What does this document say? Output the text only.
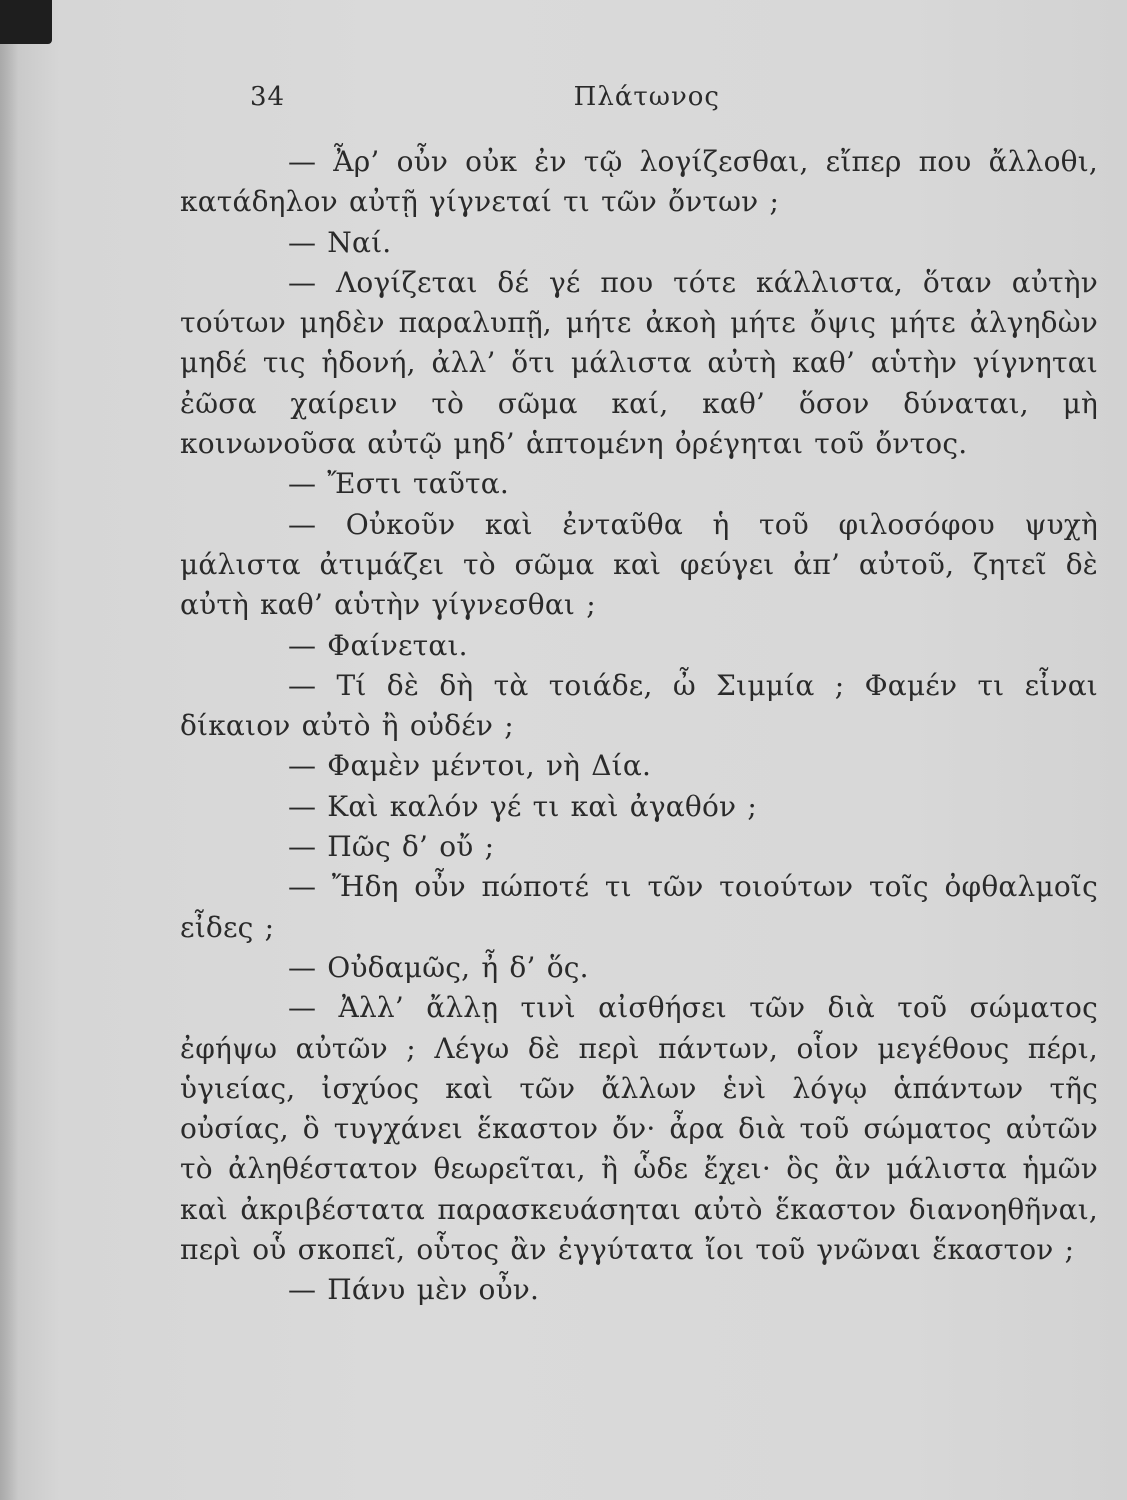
34	Πλάτωνος

— Ἆρ’ οὖν οὐκ ἐν τῷ λογίζεσθαι, εἴπερ που ἄλλοθι, κατάδηλον αὐτῇ γίγνεταί τι τῶν ὄντων ;

— Ναί.

— Λογίζεται δέ γέ που τότε κάλλιστα, ὅταν αὐτὴν τούτων μηδὲν παραλυπῇ, μήτε ἀκοὴ μήτε ὄψις μήτε ἀλγηδὼν μηδέ τις ἡδονή, ἀλλ’ ὅτι μάλιστα αὐτὴ καθ’ αὑτὴν γίγνηται ἐῶσα χαίρειν τὸ σῶμα καί, καθ’ ὅσον δύναται, μὴ κοινωνοῦσα αὐτῷ μηδ’ ἁπτομένη ὀρέγηται τοῦ ὄντος.

— Ἔστι ταῦτα.

— Οὐκοῦν καὶ ἐνταῦθα ἡ τοῦ φιλοσόφου ψυχὴ μάλιστα ἀτιμάζει τὸ σῶμα καὶ φεύγει ἀπ’ αὐτοῦ, ζητεῖ δὲ αὐτὴ καθ’ αὑτὴν γίγνεσθαι ;

— Φαίνεται.

— Τί δὲ δὴ τὰ τοιάδε, ὦ Σιμμία ; Φαμέν τι εἶναι δίκαιον αὐτὸ ἢ οὐδέν ;

— Φαμὲν μέντοι, νὴ Δία.

— Καὶ καλόν γέ τι καὶ ἀγαθόν ;

— Πῶς δ’ οὔ ;

— Ἤδη οὖν πώποτέ τι τῶν τοιούτων τοῖς ὀφθαλμοῖς εἶδες ;

— Οὐδαμῶς, ἦ δ’ ὅς.

— Ἀλλ’ ἄλλῃ τινὶ αἰσθήσει τῶν διὰ τοῦ σώματος ἐφήψω αὐτῶν ; Λέγω δὲ περὶ πάντων, οἷον μεγέθους πέρι, ὑγιείας, ἰσχύος καὶ τῶν ἄλλων ἑνὶ λόγῳ ἁπάντων τῆς οὐσίας, ὃ τυγχάνει ἕκαστον ὄν· ἆρα διὰ τοῦ σώματος αὐτῶν τὸ ἀληθέστατον θεωρεῖται, ἢ ὧδε ἔχει· ὃς ἂν μάλιστα ἡμῶν καὶ ἀκριβέστατα παρασκευάσηται αὐτὸ ἕκαστον διανοηθῆναι, περὶ οὗ σκοπεῖ, οὗτος ἂν ἐγγύτατα ἴοι τοῦ γνῶναι ἕκαστον ;

— Πάνυ μὲν οὖν.
